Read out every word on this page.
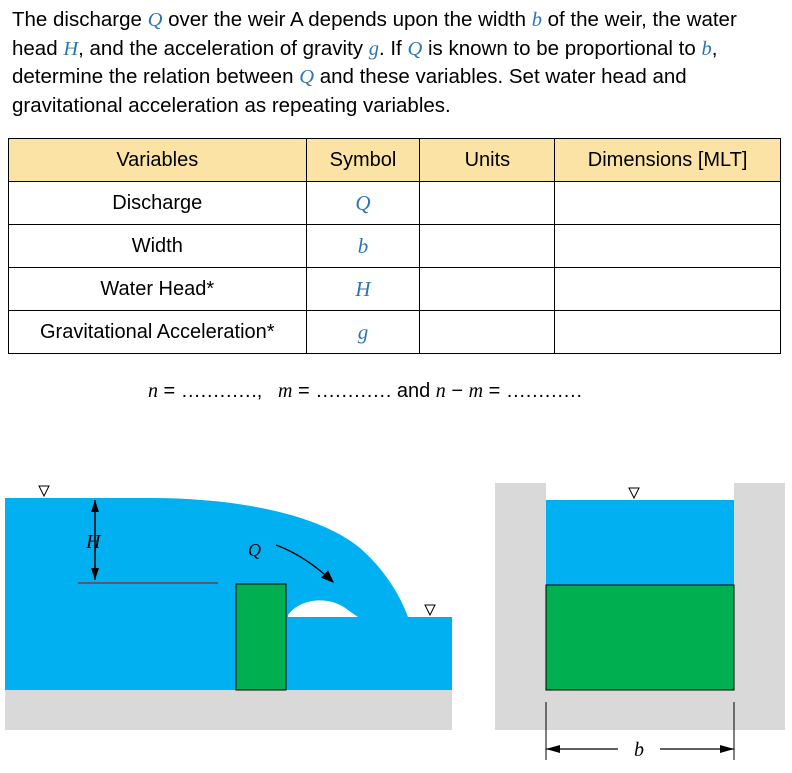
The discharge Q over the weir A depends upon the width b of the weir, the water head H, and the acceleration of gravity g. If Q is known to be proportional to b, determine the relation between Q and these variables. Set water head and gravitational acceleration as repeating variables.
Variables	Symbol	Units	Dimensions [MLT]
Discharge	Q		
Width	b		
Water Head*	H		
Gravitational Acceleration*	g		
n = …………, m = ………… and n − m = …………
H	Q
b
